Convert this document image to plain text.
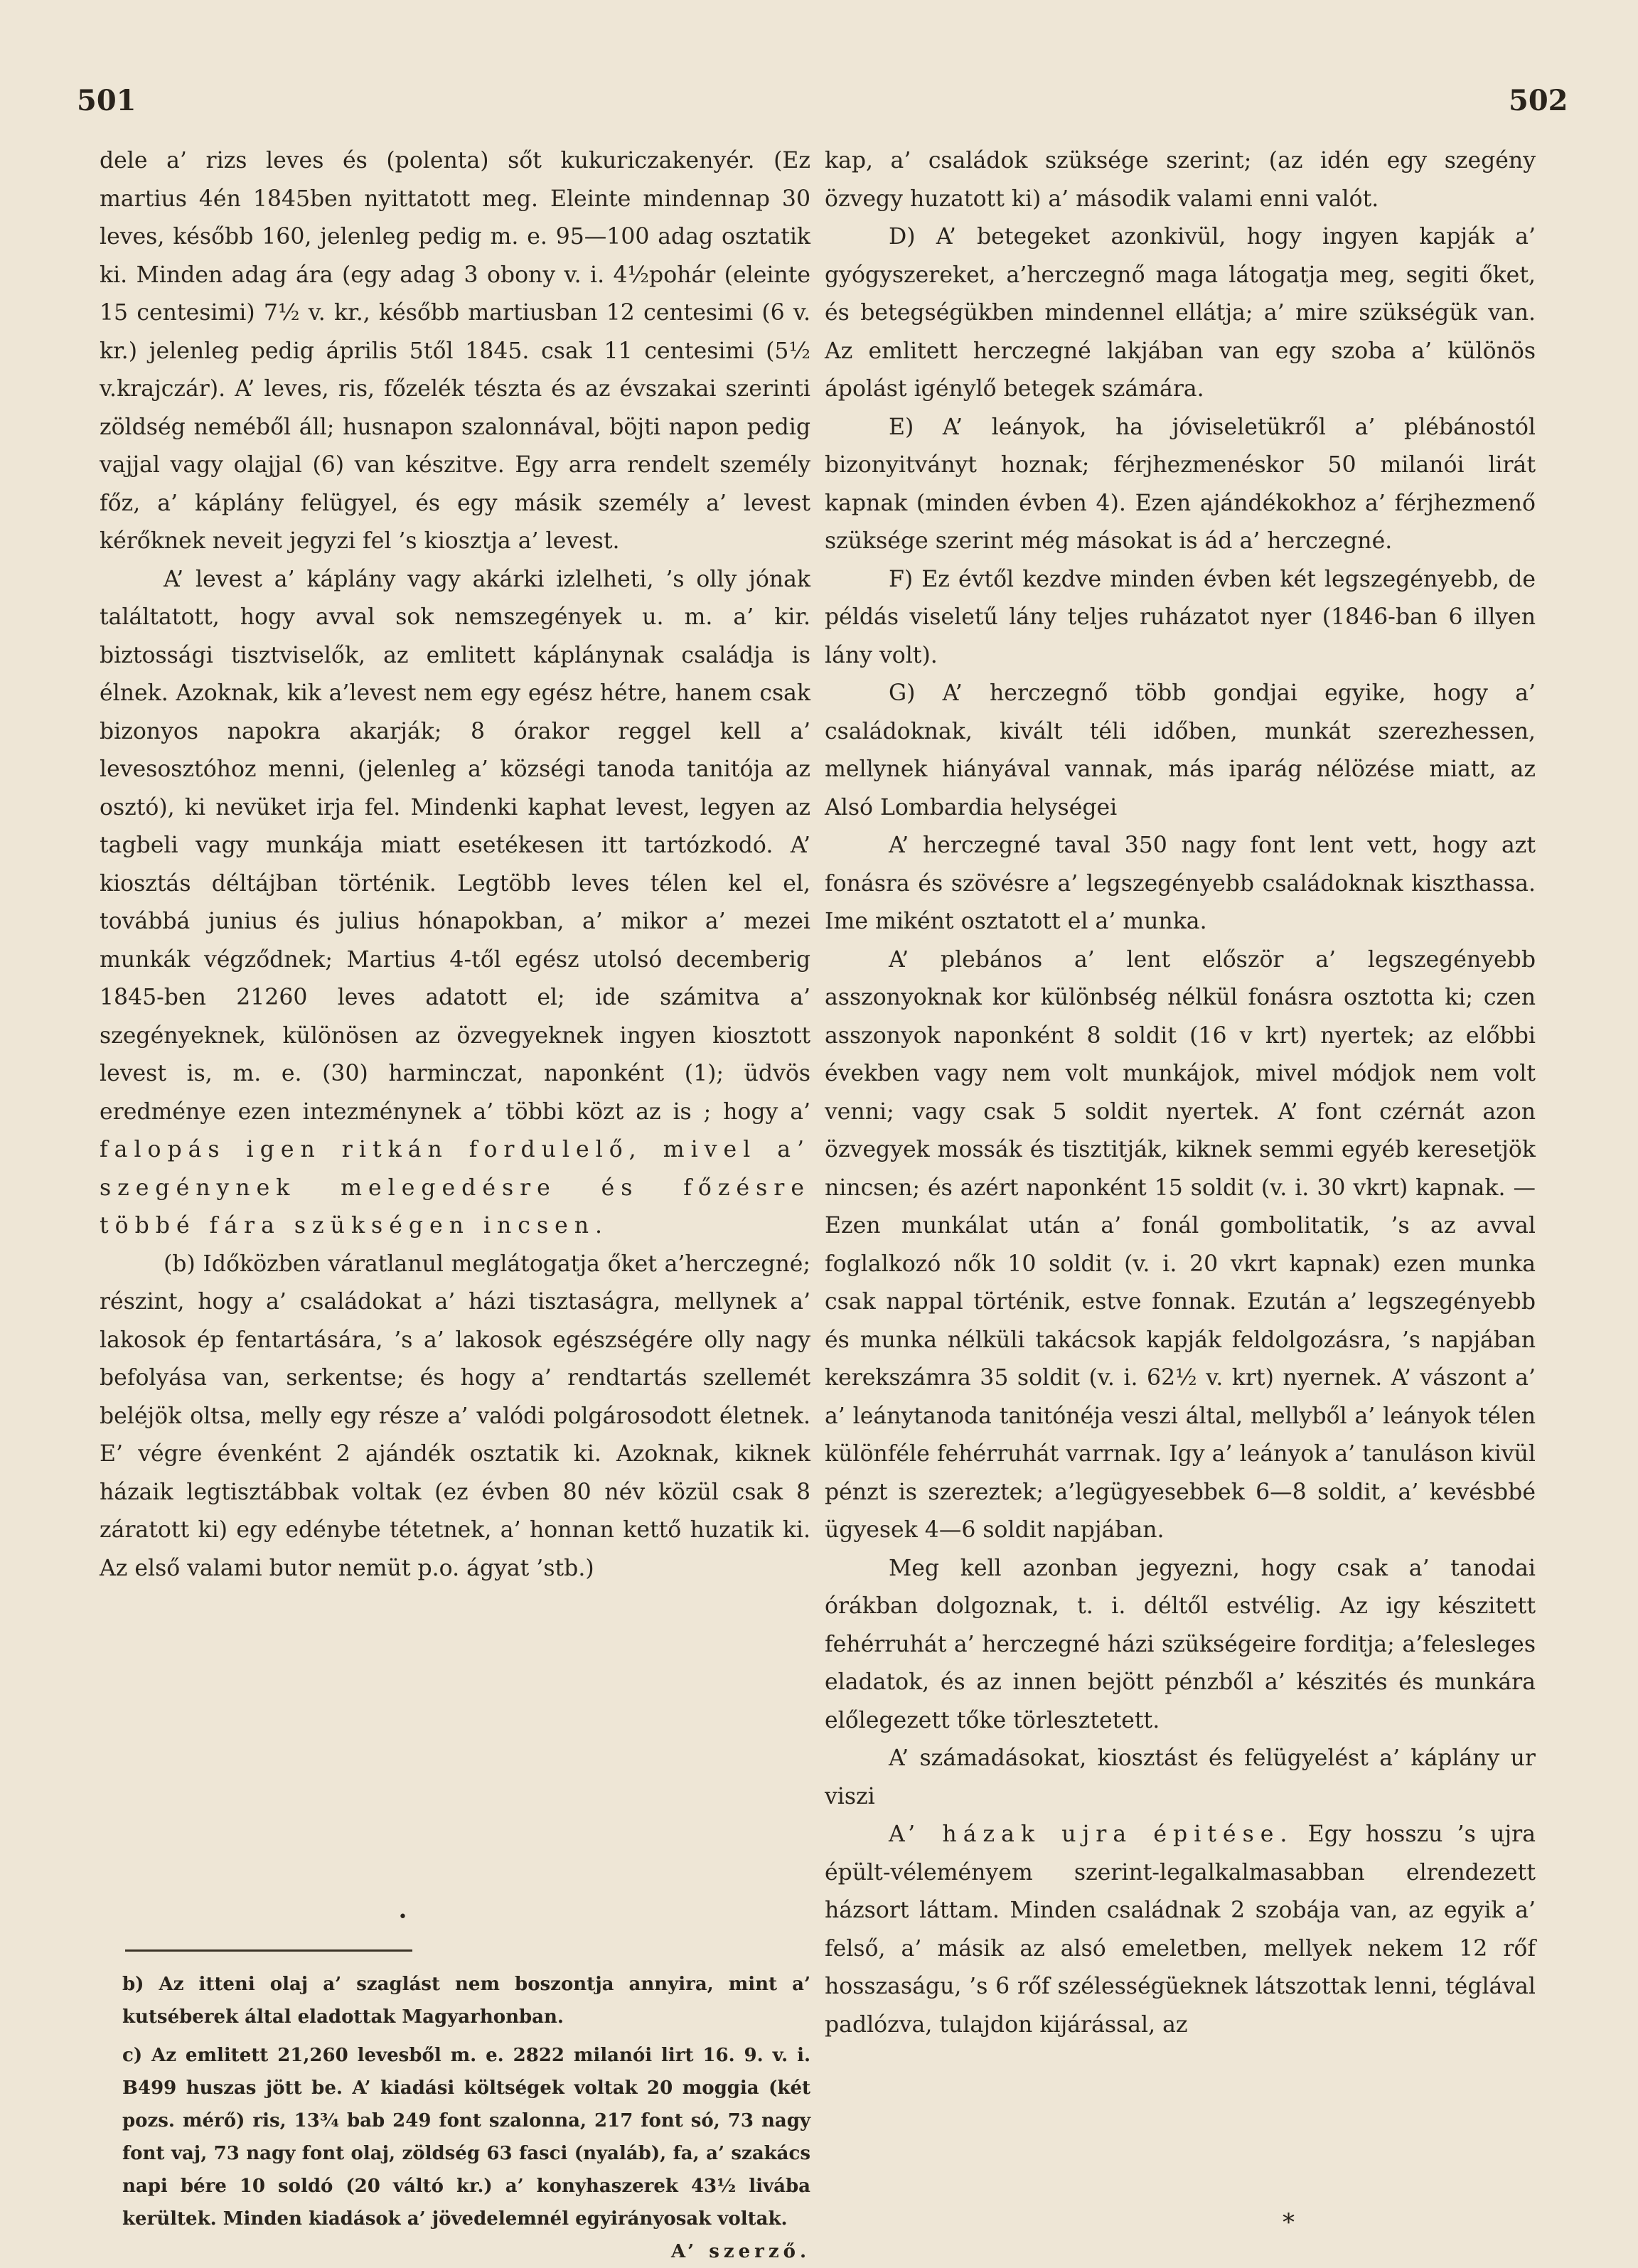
501	502

dele a’ rizs leves és (polenta) sőt kukuriczakenyér. (Ez martius 4én 1845ben nyittatott meg. Eleinte mindennap 30 leves, később 160, jelenleg pedig m. e. 95—100 adag osztatik ki. Minden adag ára (egy adag 3 obony v. i. 4½pohár (eleinte 15 centesimi) 7½ v. kr., később martiusban 12 centesimi (6 v. kr.) jelenleg pedig április 5től 1845. csak 11 centesimi (5½ v.krajczár). A’ leves, ris, főzelék tészta és az évszakai szerinti zöldség neméből áll; husnapon szalonnával, böjti napon pedig vajjal vagy olajjal (6) van készitve. Egy arra rendelt személy főz, a’ káplány felügyel, és egy másik személy a’ levest kérőknek neveit jegyzi fel ’s kiosztja a’ levest.

A’ levest a’ káplány vagy akárki izlelheti, ’s olly jónak találtatott, hogy avval sok nemszegények u. m. a’ kir. biztossági tisztviselők, az emlitett káplánynak családja is élnek. Azoknak, kik a’levest nem egy egész hétre, hanem csak bizonyos napokra akarják; 8 órakor reggel kell a’ levesosztóhoz menni, (jelenleg a’ községi tanoda tanitója az osztó), ki nevüket irja fel. Mindenki kaphat levest, legyen az tagbeli vagy munkája miatt esetékesen itt tartózkodó. A’ kiosztás déltájban történik. Legtöbb leves télen kel el, továbbá junius és julius hónapokban, a’ mikor a’ mezei munkák végződnek; Martius 4-től egész utolsó decemberig 1845-ben 21260 leves adatott el; ide számitva a’ szegényeknek, különösen az özvegyeknek ingyen kiosztott levest is, m. e. (30) harminczat, naponként (1); üdvös eredménye ezen intezménynek a’ többi közt az is ; hogy a’ falopás igen ritkán fordulelő, mivel a’ szegénynek melegedésre és főzésre többé fára szükségen incsen.

(b) Időközben váratlanul meglátogatja őket a’herczegné; részint, hogy a’ családokat a’ házi tisztaságra, mellynek a’ lakosok ép fentartására, ’s a’ lakosok egészségére olly nagy befolyása van, serkentse; és hogy a’ rendtartás szellemét beléjök oltsa, melly egy része a’ valódi polgárosodott életnek. E’ végre évenként 2 ajándék osztatik ki. Azoknak, kiknek házaik legtisztábbak voltak (ez évben 80 név közül csak 8 záratott ki) egy edénybe tétetnek, a’ honnan kettő huzatik ki. Az első valami butor nemüt p.o. ágyat ’stb.)

•

b) Az itteni olaj a’ szaglást nem boszontja annyira, mint a’ kutséberek által eladottak Magyarhonban.

c) Az emlitett 21,260 levesből m. e. 2822 milanói lirt 16. 9. v. i. B499 huszas jött be. A’ kiadási költségek voltak 20 moggia (két pozs. mérő) ris, 13¾ bab 249 font szalonna, 217 font só, 73 nagy font vaj, 73 nagy font olaj, zöldség 63 fasci (nyaláb), fa, a’ szakács napi bére 10 soldó (20 váltó kr.) a’ konyhaszerek 43½ livába kerültek. Minden kiadások a’ jövedelemnél egyirányosak voltak.
A’ szerző.

kap, a’ családok szüksége szerint; (az idén egy szegény özvegy huzatott ki) a’ második valami enni valót.

D) A’ betegeket azonkivül, hogy ingyen kapják a’ gyógyszereket, a’herczegnő maga látogatja meg, segiti őket, és betegségükben mindennel ellátja; a’ mire szükségük van. Az emlitett herczegné lakjában van egy szoba a’ különös ápolást igénylő betegek számára.

E) A’ leányok, ha jóviseletükről a’ plébánostól bizonyitványt hoznak; férjhezmenéskor 50 milanói lirát kapnak (minden évben 4). Ezen ajándékokhoz a’ férjhezmenő szüksége szerint még másokat is ád a’ herczegné.

F) Ez évtől kezdve minden évben két legszegényebb, de példás viseletű lány teljes ruházatot nyer (1846-ban 6 illyen lány volt).

G) A’ herczegnő több gondjai egyike, hogy a’ családoknak, kivált téli időben, munkát szerezhessen, mellynek hiányával vannak, más iparág nélözése miatt, az Alsó Lombardia helységei

A’ herczegné taval 350 nagy font lent vett, hogy azt fonásra és szövésre a’ legszegényebb családoknak kiszthassa. Ime miként osztatott el a’ munka.

A’ plebános a’ lent először a’ legszegényebb asszonyoknak kor különbség nélkül fonásra osztotta ki; czen asszonyok naponként 8 soldit (16 v krt) nyertek; az előbbi években vagy nem volt munkájok, mivel módjok nem volt venni; vagy csak 5 soldit nyertek. A’ font czérnát azon özvegyek mossák és tisztitják, kiknek semmi egyéb keresetjök nincsen; és azért naponként 15 soldit (v. i. 30 vkrt) kapnak. — Ezen munkálat után a’ fonál gombolitatik, ’s az avval foglalkozó nők 10 soldit (v. i. 20 vkrt kapnak) ezen munka csak nappal történik, estve fonnak. Ezután a’ legszegényebb és munka nélküli takácsok kapják feldolgozásra, ’s napjában kerekszámra 35 soldit (v. i. 62½ v. krt) nyernek. A’ vászont a’ a’ leánytanoda tanitónéja veszi által, mellyből a’ leányok télen különféle fehérruhát varrnak. Igy a’ leányok a’ tanuláson kivül pénzt is szereztek; a’legügyesebbek 6—8 soldit, a’ kevésbbé ügyesek 4—6 soldit napjában.

Meg kell azonban jegyezni, hogy csak a’ tanodai órákban dolgoznak, t. i. déltől estvélig. Az igy készitett fehérruhát a’ herczegné házi szükségeire forditja; a’felesleges eladatok, és az innen bejött pénzből a’ készités és munkára előlegezett tőke törlesztetett.

A’ számadásokat, kiosztást és felügyelést a’ káplány ur viszi

A’ házak ujra épitése. Egy hosszu ’s ujra épült-véleményem szerint-legalkalmasabban elrendezett házsort láttam. Minden családnak 2 szobája van, az egyik a’ felső, a’ másik az alsó emeletben, mellyek nekem 12 rőf hosszaságu, ’s 6 rőf szélességüeknek látszottak lenni, téglával padlózva, tulajdon kijárással, az

*
